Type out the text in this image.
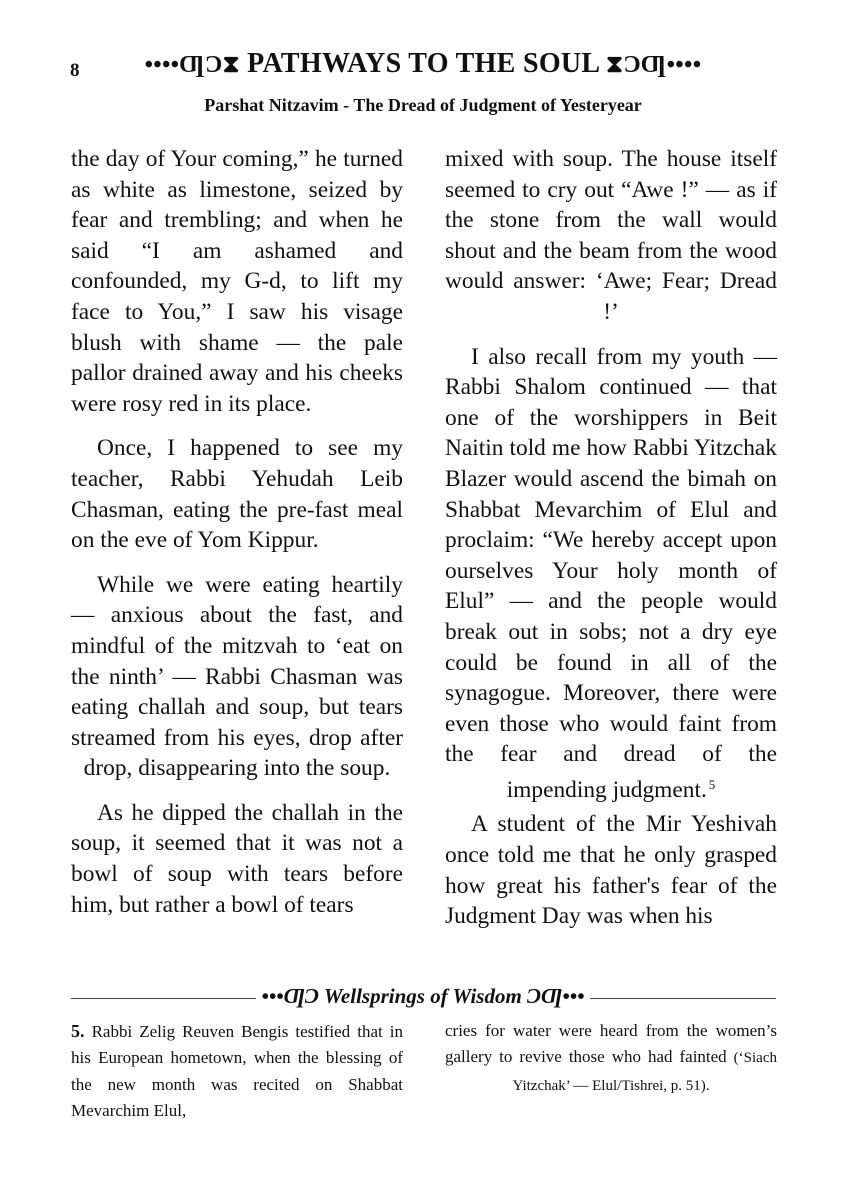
8	••••ƢƆ⧗ PATHWAYS TO THE SOUL ⧗ƆƢ••••
Parshat Nitzavim - The Dread of Judgment of Yesteryear

the day of Your coming,” he turned as white as limestone, seized by fear and trembling; and when he said “I am ashamed and confounded, my G-d, to lift my face to You,” I saw his visage blush with shame — the pale pallor drained away and his cheeks were rosy red in its place.

Once, I happened to see my teacher, Rabbi Yehudah Leib Chasman, eating the pre-fast meal on the eve of Yom Kippur.

While we were eating heartily — anxious about the fast, and mindful of the mitzvah to ‘eat on the ninth’ — Rabbi Chasman was eating challah and soup, but tears streamed from his eyes, drop after drop, disappearing into the soup.

As he dipped the challah in the soup, it seemed that it was not a bowl of soup with tears before him, but rather a bowl of tears

mixed with soup. The house itself seemed to cry out “Awe !” — as if the stone from the wall would shout and the beam from the wood would answer: ‘Awe; Fear; Dread !’

I also recall from my youth — Rabbi Shalom continued — that one of the worshippers in Beit Naitin told me how Rabbi Yitzchak Blazer would ascend the bimah on Shabbat Mevarchim of Elul and proclaim: “We hereby accept upon ourselves Your holy month of Elul” — and the people would break out in sobs; not a dry eye could be found in all of the synagogue. Moreover, there were even those who would faint from the fear and dread of the impending judgment. $^5$

A student of the Mir Yeshivah once told me that he only grasped how great his father's fear of the Judgment Day was when his

•••ƢƆ Wellsprings of Wisdom ƆƢ•••

5. Rabbi Zelig Reuven Bengis testified that in his European hometown, when the blessing of the new month was recited on Shabbat Mevarchim Elul,

cries for water were heard from the women’s gallery to revive those who had fainted (‘Siach Yitzchak’ — Elul/Tishrei, p. 51).
